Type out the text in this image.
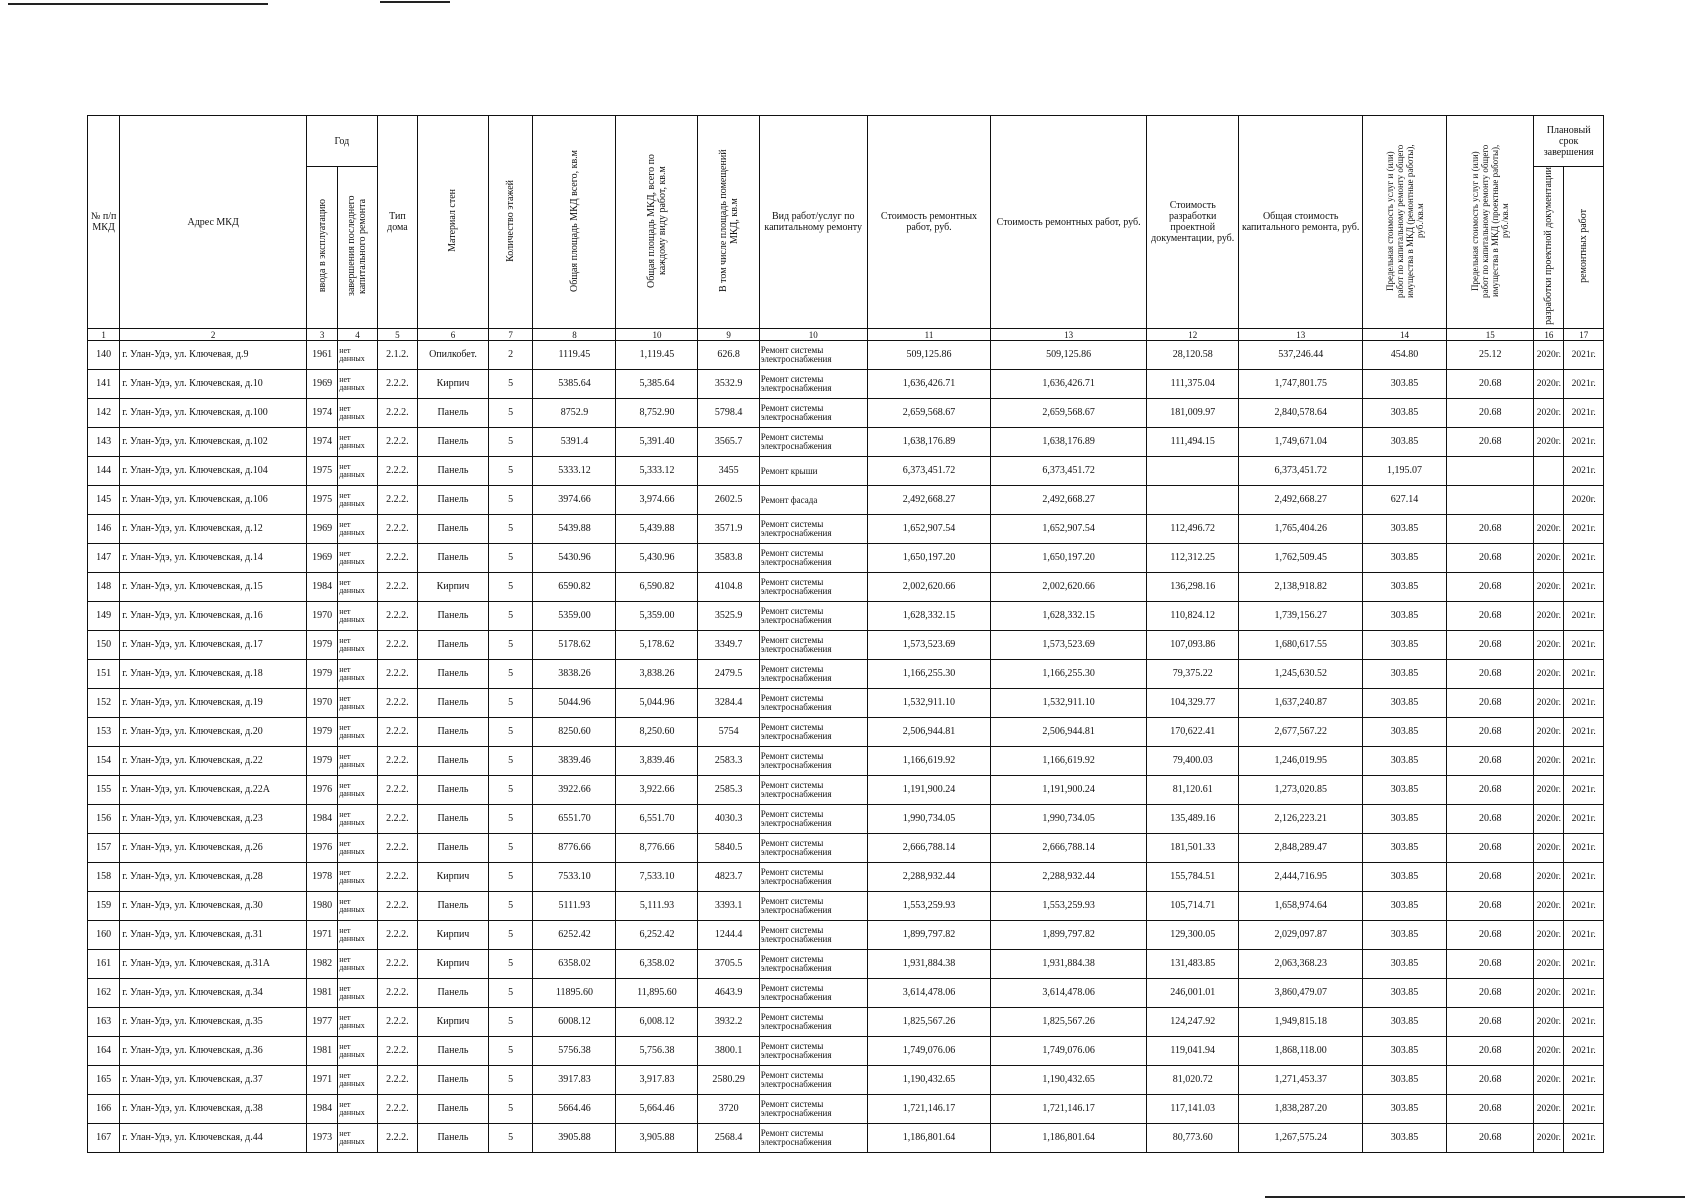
№ п/п МКД	Адрес МКД	Год		Тип дома	Материал стен	Количество этажей	Общая площадь МКД всего, кв.м	Общая площадь МКД, всего по каждому виду работ, кв.м	В том числе площадь помещений МКД, кв.м	Вид работ/услуг по капитальному ремонту	Стоимость ремонтных работ, руб.	Стоимость ремонтных работ, руб.	Стоимость разработки проектной документации, руб.	Общая стоимость капитального ремонта, руб.	Предельная стоимость услуг и (или) работ по капитальному ремонту общего имущества в МКД (ремонтные работы), руб./кв.м	Предельная стоимость услуг и (или) работ по капитальному ремонту общего имущества в МКД (проектные работы), руб./кв.м	Плановый срок завершения	
		ввода в эксплуатацию	завершения последнего капитального ремонта														разработки проектной документации	ремонтных работ
1	2	3	4	5	6	7	8	10	9	10	11	13	12	13	14	15	16	17
140	г. Улан-Удэ, ул. Ключевая, д.9	1961	нет данных	2.1.2.	Опилкобет.	2	1119.45	1,119.45	626.8	Ремонт системы электроснабжения	509,125.86	509,125.86	28,120.58	537,246.44	454.80	25.12	2020г.	2021г.
141	г. Улан-Удэ, ул. Ключевская, д.10	1969	нет данных	2.2.2.	Кирпич	5	5385.64	5,385.64	3532.9	Ремонт системы электроснабжения	1,636,426.71	1,636,426.71	111,375.04	1,747,801.75	303.85	20.68	2020г.	2021г.
142	г. Улан-Удэ, ул. Ключевская, д.100	1974	нет данных	2.2.2.	Панель	5	8752.9	8,752.90	5798.4	Ремонт системы электроснабжения	2,659,568.67	2,659,568.67	181,009.97	2,840,578.64	303.85	20.68	2020г.	2021г.
143	г. Улан-Удэ, ул. Ключевская, д.102	1974	нет данных	2.2.2.	Панель	5	5391.4	5,391.40	3565.7	Ремонт системы электроснабжения	1,638,176.89	1,638,176.89	111,494.15	1,749,671.04	303.85	20.68	2020г.	2021г.
144	г. Улан-Удэ, ул. Ключевская, д.104	1975	нет данных	2.2.2.	Панель	5	5333.12	5,333.12	3455	Ремонт крыши	6,373,451.72	6,373,451.72		6,373,451.72	1,195.07			2021г.
145	г. Улан-Удэ, ул. Ключевская, д.106	1975	нет данных	2.2.2.	Панель	5	3974.66	3,974.66	2602.5	Ремонт фасада	2,492,668.27	2,492,668.27		2,492,668.27	627.14			2020г.
146	г. Улан-Удэ, ул. Ключевская, д.12	1969	нет данных	2.2.2.	Панель	5	5439.88	5,439.88	3571.9	Ремонт системы электроснабжения	1,652,907.54	1,652,907.54	112,496.72	1,765,404.26	303.85	20.68	2020г.	2021г.
147	г. Улан-Удэ, ул. Ключевская, д.14	1969	нет данных	2.2.2.	Панель	5	5430.96	5,430.96	3583.8	Ремонт системы электроснабжения	1,650,197.20	1,650,197.20	112,312.25	1,762,509.45	303.85	20.68	2020г.	2021г.
148	г. Улан-Удэ, ул. Ключевская, д.15	1984	нет данных	2.2.2.	Кирпич	5	6590.82	6,590.82	4104.8	Ремонт системы электроснабжения	2,002,620.66	2,002,620.66	136,298.16	2,138,918.82	303.85	20.68	2020г.	2021г.
149	г. Улан-Удэ, ул. Ключевская, д.16	1970	нет данных	2.2.2.	Панель	5	5359.00	5,359.00	3525.9	Ремонт системы электроснабжения	1,628,332.15	1,628,332.15	110,824.12	1,739,156.27	303.85	20.68	2020г.	2021г.
150	г. Улан-Удэ, ул. Ключевская, д.17	1979	нет данных	2.2.2.	Панель	5	5178.62	5,178.62	3349.7	Ремонт системы электроснабжения	1,573,523.69	1,573,523.69	107,093.86	1,680,617.55	303.85	20.68	2020г.	2021г.
151	г. Улан-Удэ, ул. Ключевская, д.18	1979	нет данных	2.2.2.	Панель	5	3838.26	3,838.26	2479.5	Ремонт системы электроснабжения	1,166,255.30	1,166,255.30	79,375.22	1,245,630.52	303.85	20.68	2020г.	2021г.
152	г. Улан-Удэ, ул. Ключевская, д.19	1970	нет данных	2.2.2.	Панель	5	5044.96	5,044.96	3284.4	Ремонт системы электроснабжения	1,532,911.10	1,532,911.10	104,329.77	1,637,240.87	303.85	20.68	2020г.	2021г.
153	г. Улан-Удэ, ул. Ключевская, д.20	1979	нет данных	2.2.2.	Панель	5	8250.60	8,250.60	5754	Ремонт системы электроснабжения	2,506,944.81	2,506,944.81	170,622.41	2,677,567.22	303.85	20.68	2020г.	2021г.
154	г. Улан-Удэ, ул. Ключевская, д.22	1979	нет данных	2.2.2.	Панель	5	3839.46	3,839.46	2583.3	Ремонт системы электроснабжения	1,166,619.92	1,166,619.92	79,400.03	1,246,019.95	303.85	20.68	2020г.	2021г.
155	г. Улан-Удэ, ул. Ключевская, д.22А	1976	нет данных	2.2.2.	Панель	5	3922.66	3,922.66	2585.3	Ремонт системы электроснабжения	1,191,900.24	1,191,900.24	81,120.61	1,273,020.85	303.85	20.68	2020г.	2021г.
156	г. Улан-Удэ, ул. Ключевская, д.23	1984	нет данных	2.2.2.	Панель	5	6551.70	6,551.70	4030.3	Ремонт системы электроснабжения	1,990,734.05	1,990,734.05	135,489.16	2,126,223.21	303.85	20.68	2020г.	2021г.
157	г. Улан-Удэ, ул. Ключевская, д.26	1976	нет данных	2.2.2.	Панель	5	8776.66	8,776.66	5840.5	Ремонт системы электроснабжения	2,666,788.14	2,666,788.14	181,501.33	2,848,289.47	303.85	20.68	2020г.	2021г.
158	г. Улан-Удэ, ул. Ключевская, д.28	1978	нет данных	2.2.2.	Кирпич	5	7533.10	7,533.10	4823.7	Ремонт системы электроснабжения	2,288,932.44	2,288,932.44	155,784.51	2,444,716.95	303.85	20.68	2020г.	2021г.
159	г. Улан-Удэ, ул. Ключевская, д.30	1980	нет данных	2.2.2.	Панель	5	5111.93	5,111.93	3393.1	Ремонт системы электроснабжения	1,553,259.93	1,553,259.93	105,714.71	1,658,974.64	303.85	20.68	2020г.	2021г.
160	г. Улан-Удэ, ул. Ключевская, д.31	1971	нет данных	2.2.2.	Кирпич	5	6252.42	6,252.42	1244.4	Ремонт системы электроснабжения	1,899,797.82	1,899,797.82	129,300.05	2,029,097.87	303.85	20.68	2020г.	2021г.
161	г. Улан-Удэ, ул. Ключевская, д.31А	1982	нет данных	2.2.2.	Кирпич	5	6358.02	6,358.02	3705.5	Ремонт системы электроснабжения	1,931,884.38	1,931,884.38	131,483.85	2,063,368.23	303.85	20.68	2020г.	2021г.
162	г. Улан-Удэ, ул. Ключевская, д.34	1981	нет данных	2.2.2.	Панель	5	11895.60	11,895.60	4643.9	Ремонт системы электроснабжения	3,614,478.06	3,614,478.06	246,001.01	3,860,479.07	303.85	20.68	2020г.	2021г.
163	г. Улан-Удэ, ул. Ключевская, д.35	1977	нет данных	2.2.2.	Кирпич	5	6008.12	6,008.12	3932.2	Ремонт системы электроснабжения	1,825,567.26	1,825,567.26	124,247.92	1,949,815.18	303.85	20.68	2020г.	2021г.
164	г. Улан-Удэ, ул. Ключевская, д.36	1981	нет данных	2.2.2.	Панель	5	5756.38	5,756.38	3800.1	Ремонт системы электроснабжения	1,749,076.06	1,749,076.06	119,041.94	1,868,118.00	303.85	20.68	2020г.	2021г.
165	г. Улан-Удэ, ул. Ключевская, д.37	1971	нет данных	2.2.2.	Панель	5	3917.83	3,917.83	2580.29	Ремонт системы электроснабжения	1,190,432.65	1,190,432.65	81,020.72	1,271,453.37	303.85	20.68	2020г.	2021г.
166	г. Улан-Удэ, ул. Ключевская, д.38	1984	нет данных	2.2.2.	Панель	5	5664.46	5,664.46	3720	Ремонт системы электроснабжения	1,721,146.17	1,721,146.17	117,141.03	1,838,287.20	303.85	20.68	2020г.	2021г.
167	г. Улан-Удэ, ул. Ключевская, д.44	1973	нет данных	2.2.2.	Панель	5	3905.88	3,905.88	2568.4	Ремонт системы электроснабжения	1,186,801.64	1,186,801.64	80,773.60	1,267,575.24	303.85	20.68	2020г.	2021г.
